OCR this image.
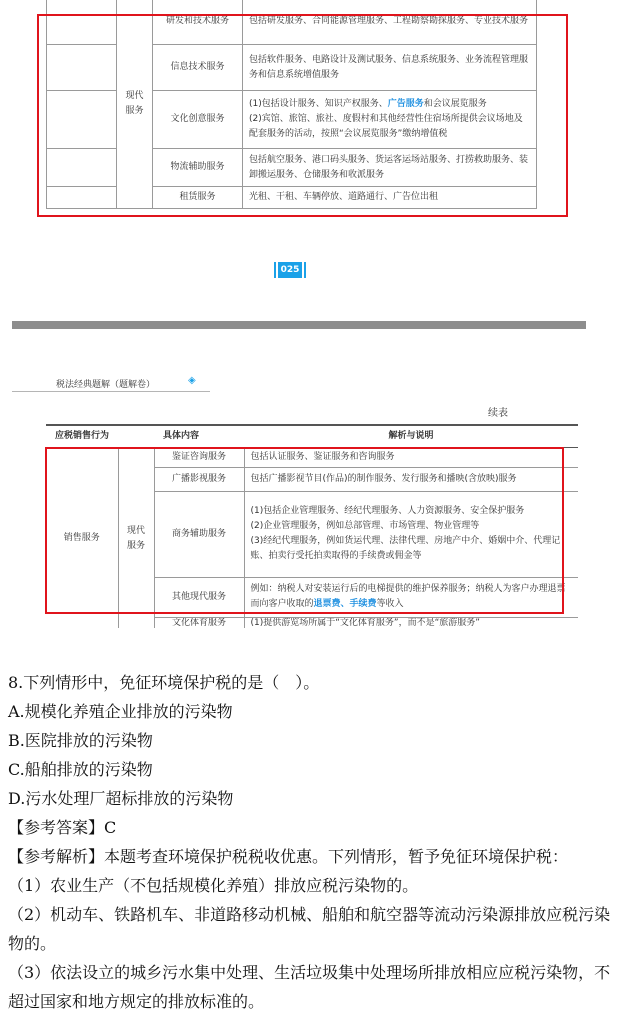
	现代服务	研发和技术服务	包括研发服务、合同能源管理服务、工程勘察勘探服务、专业技术服务
		信息技术服务	包括软件服务、电路设计及测试服务、信息系统服务、业务流程管理服务和信息系统增值服务
		文化创意服务	(1)包括设计服务、知识产权服务、广告服务和会议展览服务
(2)宾馆、旅馆、旅社、度假村和其他经营性住宿场所提供会议场地及配套服务的活动，按照“会议展览服务”缴纳增值税
		物流辅助服务	包括航空服务、港口码头服务、货运客运场站服务、打捞救助服务、装卸搬运服务、仓储服务和收派服务
		租赁服务	光租、干租、车辆停放、道路通行、广告位出租
025
税法经典题解（题解卷）	◈
续表
应税销售行为	具体内容		解析与说明
销售服务	现代服务	鉴证咨询服务	包括认证服务、鉴证服务和咨询服务
		广播影视服务	包括广播影视节目(作品)的制作服务、发行服务和播映(含放映)服务
		商务辅助服务	(1)包括企业管理服务、经纪代理服务、人力资源服务、安全保护服务
(2)企业管理服务，例如总部管理、市场管理、物业管理等
(3)经纪代理服务，例如货运代理、法律代理、房地产中介、婚姻中介、代理记账、拍卖行受托拍卖取得的手续费或佣金等

		其他现代服务	例如：纳税人对安装运行后的电梯提供的维护保养服务；纳税人为客户办理退票而向客户收取的退票费、手续费等收入
		文化体育服务	(1)提供游览场所属于“文化体育服务”，而不是“旅游服务”

8.下列情形中，免征环境保护税的是（　）。

A.规模化养殖企业排放的污染物

B.医院排放的污染物

C.船舶排放的污染物

D.污水处理厂超标排放的污染物

【参考答案】C

【参考解析】本题考查环境保护税税收优惠。下列情形，暂予免征环境保护税：

（1）农业生产（不包括规模化养殖）排放应税污染物的。

（2）机动车、铁路机车、非道路移动机械、船舶和航空器等流动污染源排放应税污染物的。

（3）依法设立的城乡污水集中处理、生活垃圾集中处理场所排放相应应税污染物，不超过国家和地方规定的排放标准的。
